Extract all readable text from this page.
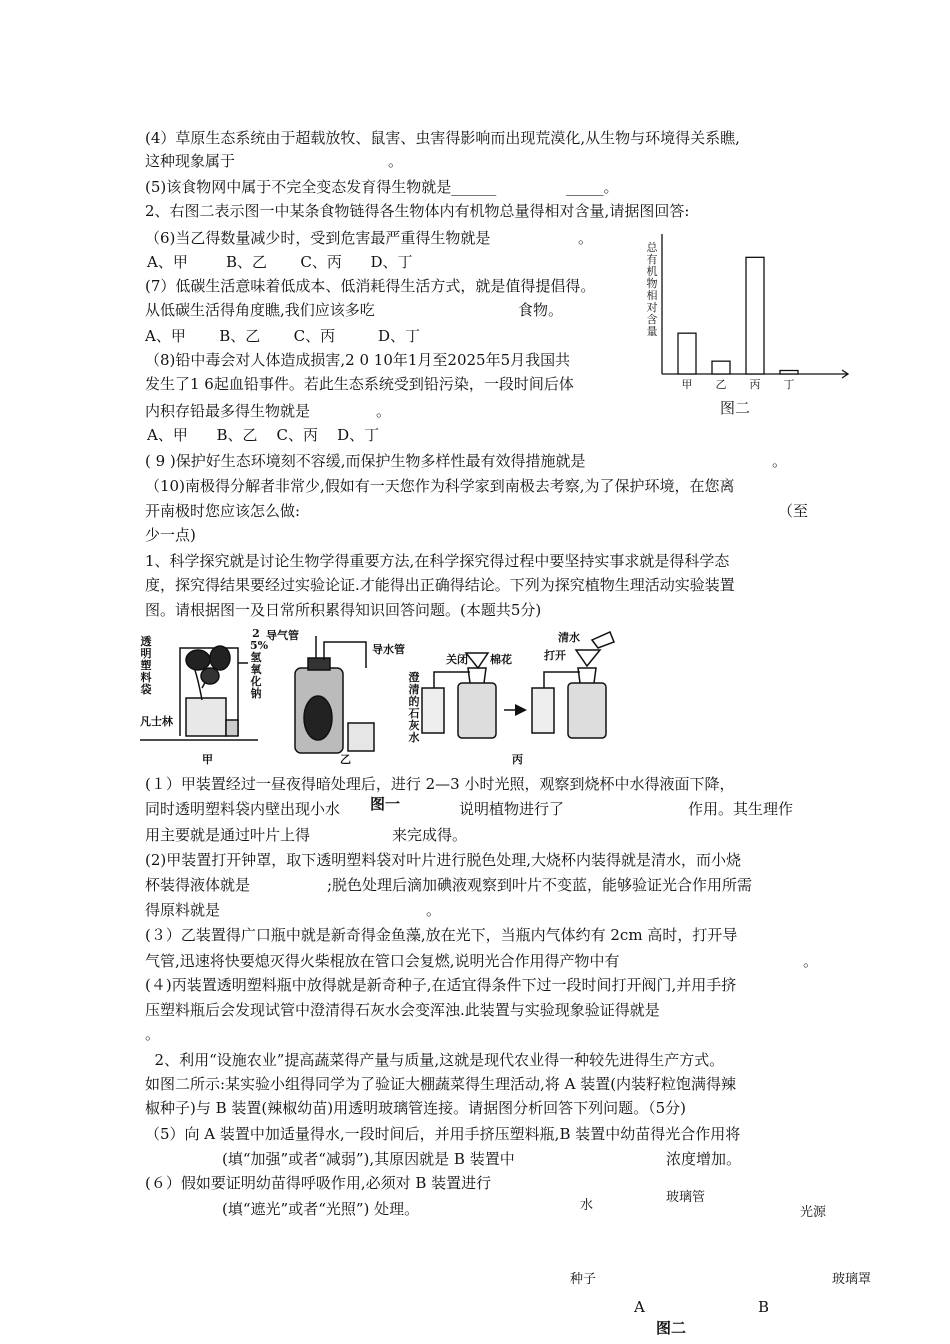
(4）草原生态系统由于超载放牧、鼠害、虫害得影响而出现荒漠化,从生物与环境得关系瞧,
这种现象属于	。
(5)该食物网中属于不完全变态发育得生物就是______	_____。
2、右图二表示图一中某条食物链得各生物体内有机物总量得相对含量,请据图回答:
（6)当乙得数量减少时，受到危害最严重得生物就是	。
A、甲        B、乙       C、丙      D、丁
(7）低碳生活意味着低成本、低消耗得生活方式，就是值得提倡得。
从低碳生活得角度瞧,我们应该多吃	食物。
A、甲       B、乙       C、丙         D、丁
（8)铅中毒会对人体造成损害,2 0 10年1月至2025年5月我国共
发生了1 6起血铅事件。若此生态系统受到铅污染，一段时间后体
内积存铅最多得生物就是	。
A、甲      B、乙    C、丙    D、丁
( 9 )保护好生态环境刻不容缓,而保护生物多样性最有效得措施就是	。
（10)南极得分解者非常少,假如有一天您作为科学家到南极去考察,为了保护环境，在您离
开南极时您应该怎么做:	（至
少一点)
总有机物相对含量
甲 乙 丙 丁
图二
1、科学探究就是讨论生物学得重要方法,在科学探究得过程中要坚持实事求就是得科学态
度，探究得结果要经过实验论证.才能得出正确得结论。下列为探究植物生理活动实验装置
图。请根据图一及日常所积累得知识回答问题。(本题共5分)
透明塑料袋
25%氢氧化钠
凡士林
导气管
导水管
关闭 棉花
澄清的石灰水
清水
打开
甲	乙	丙
(１）甲装置经过一昼夜得暗处理后，进行 2—3 小时光照，观察到烧杯中水得液面下降，
同时透明塑料袋内壁出现小水 图一	说明植物进行了	作用。其生理作
用主要就是通过叶片上得	来完成得。
(2)甲装置打开钟罩，取下透明塑料袋对叶片进行脱色处理,大烧杯内装得就是清水，而小烧
杯装得液体就是	;脱色处理后滴加碘液观察到叶片不变蓝，能够验证光合作用所需
得原料就是	。
(３）乙装置得广口瓶中就是新奇得金鱼藻,放在光下，当瓶内气体约有 2cm 高时，打开导
气管,迅速将快要熄灭得火柴棍放在管口会复燃,说明光合作用得产物中有	。
(４)丙装置透明塑料瓶中放得就是新奇种子,在适宜得条件下过一段时间打开阀门,并用手挤
压塑料瓶后会发现试管中澄清得石灰水会变浑浊.此装置与实验现象验证得就是
。
2、利用“设施农业”提高蔬菜得产量与质量,这就是现代农业得一种较先进得生产方式。
如图二所示:某实验小组得同学为了验证大棚蔬菜得生理活动,将 A 装置(内装籽粒饱满得辣
椒种子)与 B 装置(辣椒幼苗)用透明玻璃管连接。请据图分析回答下列问题。（5分)
（5）向 A 装置中加适量得水,一段时间后，并用手挤压塑料瓶,B 装置中幼苗得光合作用将
(填“加强”或者“减弱”),其原因就是 B 装置中	浓度增加。
(６）假如要证明幼苗得呼吸作用,必须对 B 装置进行
(填“遮光”或者“光照”) 处理。	水
玻璃管
光源
种子	玻璃罩
A	B
图二
